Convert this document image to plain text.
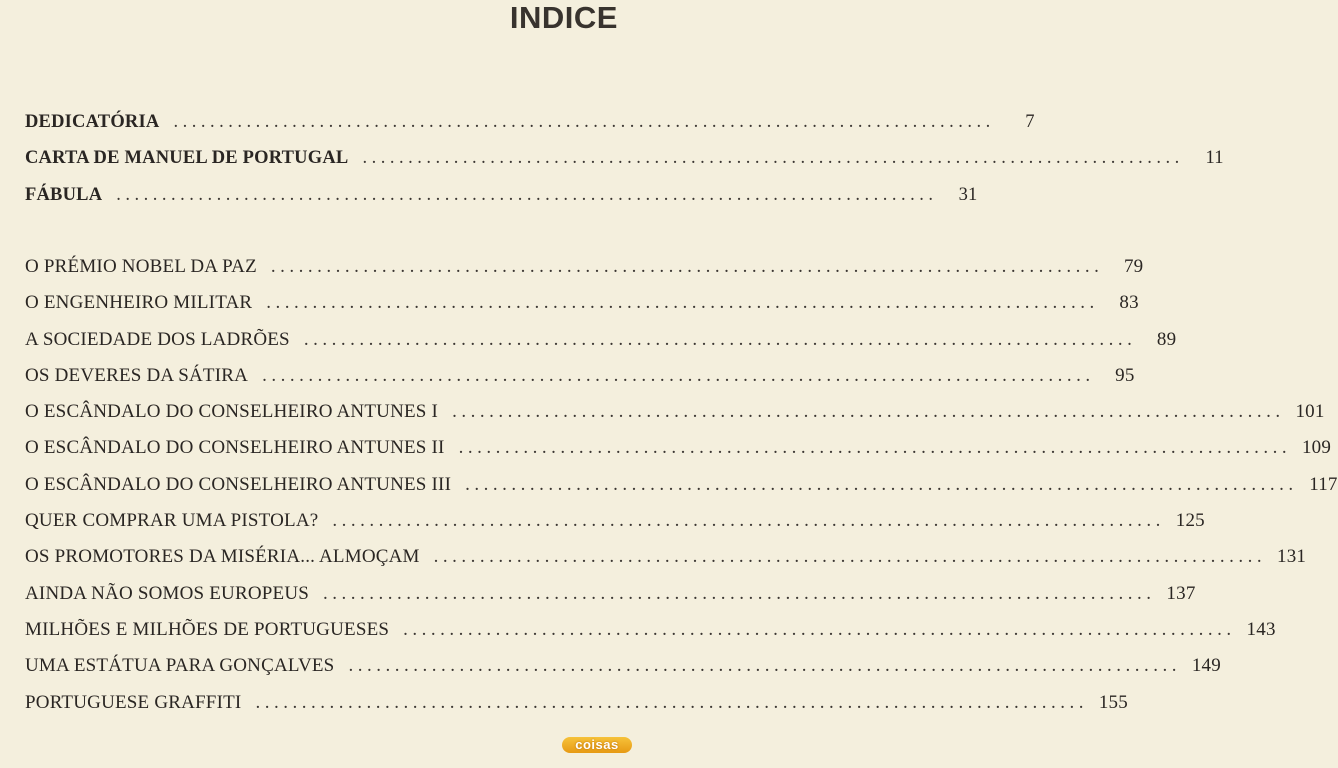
INDICE
DEDICATÓRIA ..........................................................................................	7
CARTA DE MANUEL DE PORTUGAL ..........................................................................................	11
FÁBULA ..........................................................................................	31
O PRÉMIO NOBEL DA PAZ ..........................................................................................	79
O ENGENHEIRO MILITAR ..........................................................................................	83
A SOCIEDADE DOS LADRÕES ..........................................................................................	89
OS DEVERES DA SÁTIRA ..........................................................................................	95
O ESCÂNDALO DO CONSELHEIRO ANTUNES I .......................................................................................... 101
O ESCÂNDALO DO CONSELHEIRO ANTUNES II .......................................................................................... 109
O ESCÂNDALO DO CONSELHEIRO ANTUNES III .......................................................................................... 117
QUER COMPRAR UMA PISTOLA? .......................................................................................... 125
OS PROMOTORES DA MISÉRIA... ALMOÇAM .......................................................................................... 131
AINDA NÃO SOMOS EUROPEUS .......................................................................................... 137
MILHÕES E MILHÕES DE PORTUGUESES .......................................................................................... 143
UMA ESTÁTUA PARA GONÇALVES .......................................................................................... 149
PORTUGUESE GRAFFITI .......................................................................................... 155
coisas
